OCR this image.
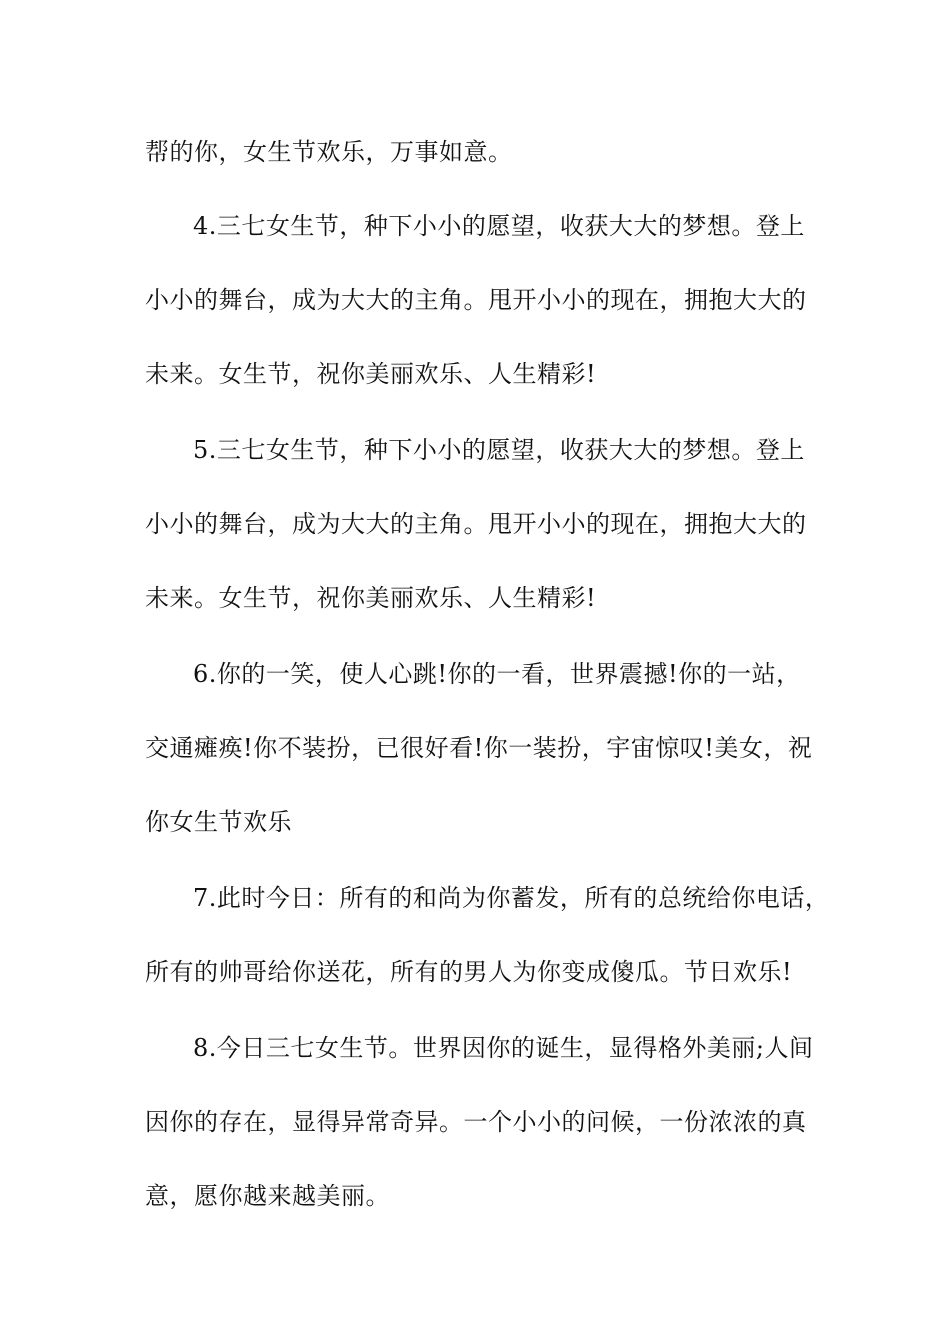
帮的你，女生节欢乐，万事如意。
4.三七女生节，种下小小的愿望，收获大大的梦想。登上
小小的舞台，成为大大的主角。甩开小小的现在，拥抱大大的
未来。女生节，祝你美丽欢乐、人生精彩!
5.三七女生节，种下小小的愿望，收获大大的梦想。登上
小小的舞台，成为大大的主角。甩开小小的现在，拥抱大大的
未来。女生节，祝你美丽欢乐、人生精彩!
6.你的一笑，使人心跳!你的一看，世界震撼!你的一站，
交通瘫痪!你不装扮，已很好看!你一装扮，宇宙惊叹!美女，祝
你女生节欢乐
7.此时今日：所有的和尚为你蓄发，所有的总统给你电话，
所有的帅哥给你送花，所有的男人为你变成傻瓜。节日欢乐!
8.今日三七女生节。世界因你的诞生，显得格外美丽;人间
因你的存在，显得异常奇异。一个小小的问候，一份浓浓的真
意，愿你越来越美丽。
